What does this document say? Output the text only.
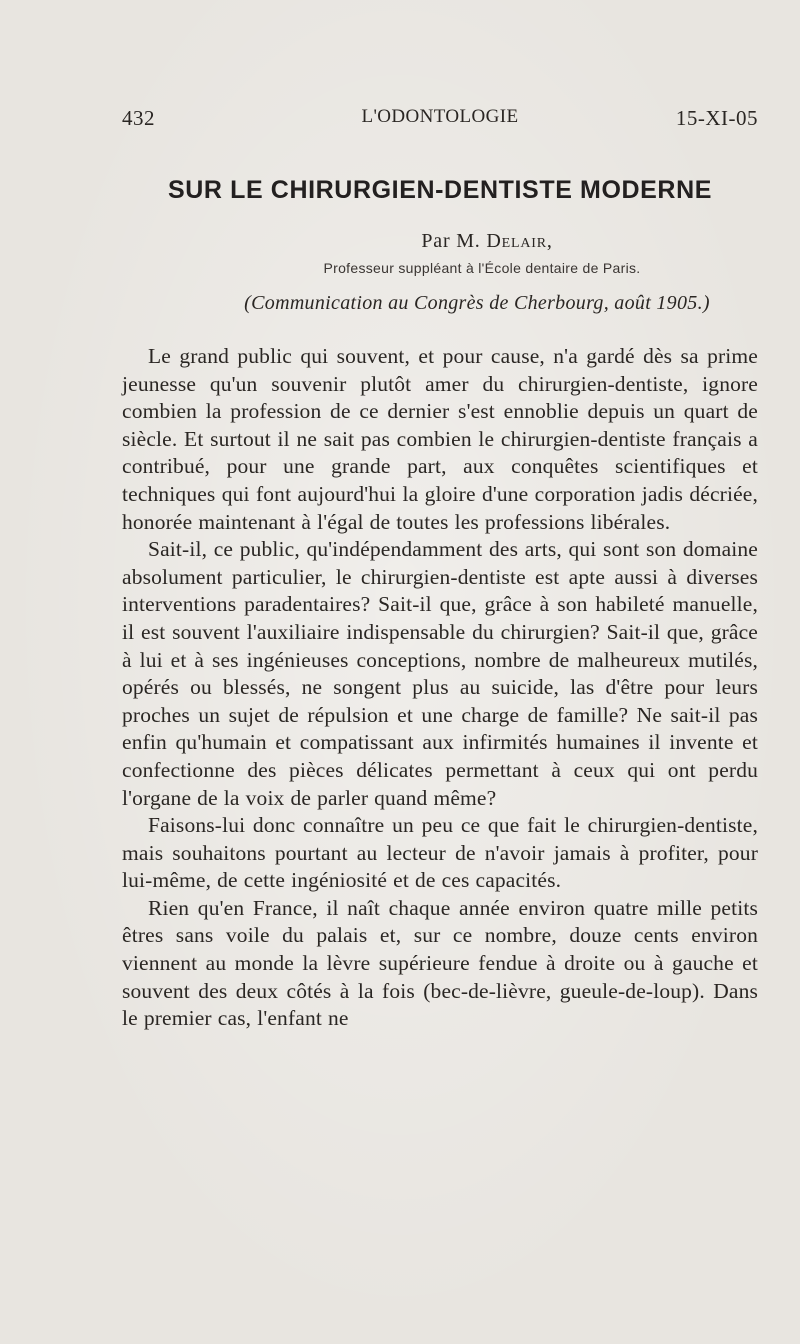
432	L'ODONTOLOGIE	15-XI-05
SUR LE CHIRURGIEN-DENTISTE MODERNE
Par M. Delair,
Professeur suppléant à l'École dentaire de Paris.
(Communication au Congrès de Cherbourg, août 1905.)

Le grand public qui souvent, et pour cause, n'a gardé dès sa prime jeunesse qu'un souvenir plutôt amer du chirurgien-dentiste, ignore combien la profession de ce dernier s'est ennoblie depuis un quart de siècle. Et surtout il ne sait pas combien le chirurgien-dentiste français a contribué, pour une grande part, aux conquêtes scientifiques et techniques qui font aujourd'hui la gloire d'une corporation jadis décriée, honorée maintenant à l'égal de toutes les professions libérales.

Sait-il, ce public, qu'indépendamment des arts, qui sont son domaine absolument particulier, le chirurgien-dentiste est apte aussi à diverses interventions paradentaires? Sait-il que, grâce à son habileté manuelle, il est souvent l'auxiliaire indispensable du chirurgien? Sait-il que, grâce à lui et à ses ingénieuses conceptions, nombre de malheureux mutilés, opérés ou blessés, ne songent plus au suicide, las d'être pour leurs proches un sujet de répulsion et une charge de famille? Ne sait-il pas enfin qu'humain et compatissant aux infirmités humaines il invente et confectionne des pièces délicates permettant à ceux qui ont perdu l'organe de la voix de parler quand même?

Faisons-lui donc connaître un peu ce que fait le chirurgien-dentiste, mais souhaitons pourtant au lecteur de n'avoir jamais à profiter, pour lui-même, de cette ingéniosité et de ces capacités.

Rien qu'en France, il naît chaque année environ quatre mille petits êtres sans voile du palais et, sur ce nombre, douze cents environ viennent au monde la lèvre supérieure fendue à droite ou à gauche et souvent des deux côtés à la fois (bec-de-lièvre, gueule-de-loup). Dans le premier cas, l'enfant ne
